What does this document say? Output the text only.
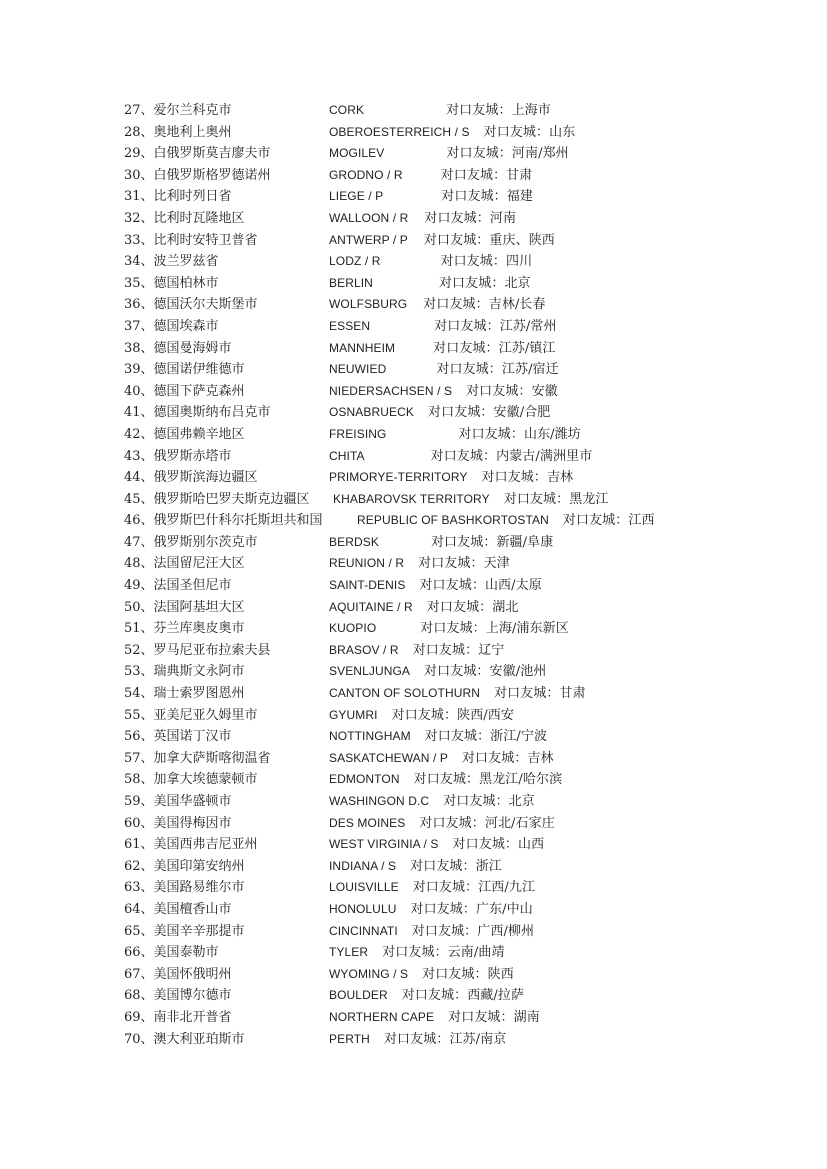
27、爱尔兰科克市	CORK	对口友城：上海市
28、奥地利上奥州	OBEROESTERREICH / S 对口友城：山东
29、白俄罗斯莫吉廖夫市	MOGILEV	对口友城：河南/郑州
30、白俄罗斯格罗德诺州	GRODNO / R	对口友城：甘肃
31、比利时列日省	LIEGE / P	对口友城：福建
32、比利时瓦隆地区	WALLOON / R 对口友城：河南
33、比利时安特卫普省	ANTWERP / P 对口友城：重庆、陕西
34、波兰罗兹省	LODZ / R	对口友城：四川
35、德国柏林市	BERLIN	对口友城：北京
36、德国沃尔夫斯堡市	WOLFSBURG 对口友城：吉林/长春
37、德国埃森市	ESSEN	对口友城：江苏/常州
38、德国曼海姆市	MANNHEIM	对口友城：江苏/镇江
39、德国诺伊维德市	NEUWIED	对口友城：江苏/宿迁
40、德国下萨克森州	NIEDERSACHSEN / S 对口友城：安徽
41、德国奥斯纳布吕克市	OSNABRUECK 对口友城：安徽/合肥
42、德国弗赖辛地区	FREISING	对口友城：山东/潍坊
43、俄罗斯赤塔市	CHITA	对口友城：内蒙古/满洲里市
44、俄罗斯滨海边疆区	PRIMORYE-TERRITORY 对口友城：吉林
45、俄罗斯哈巴罗夫斯克边疆区 KHABAROVSK TERRITORY 对口友城：黑龙江
46、俄罗斯巴什科尔托斯坦共和国	REPUBLIC OF BASHKORTOSTAN 对口友城：江西
47、俄罗斯别尔茨克市	BERDSK	对口友城：新疆/阜康
48、法国留尼汪大区	REUNION / R 对口友城：天津
49、法国圣但尼市	SAINT-DENIS 对口友城：山西/太原
50、法国阿基坦大区	AQUITAINE / R 对口友城：湖北
51、芬兰库奥皮奥市	KUOPIO	对口友城：上海/浦东新区
52、罗马尼亚布拉索夫县	BRASOV / R 对口友城：辽宁
53、瑞典斯文永阿市	SVENLJUNGA 对口友城：安徽/池州
54、瑞士索罗图恩州	CANTON OF SOLOTHURN 对口友城：甘肃
55、亚美尼亚久姆里市	GYUMRI 对口友城：陕西/西安
56、英国诺丁汉市	NOTTINGHAM 对口友城：浙江/宁波
57、加拿大萨斯喀彻温省	SASKATCHEWAN / P 对口友城：吉林
58、加拿大埃德蒙顿市	EDMONTON 对口友城：黑龙江/哈尔滨
59、美国华盛顿市	WASHINGON D.C 对口友城：北京
60、美国得梅因市	DES MOINES 对口友城：河北/石家庄
61、美国西弗吉尼亚州	WEST VIRGINIA / S 对口友城：山西
62、美国印第安纳州	INDIANA / S 对口友城：浙江
63、美国路易维尔市	LOUISVILLE 对口友城：江西/九江
64、美国檀香山市	HONOLULU 对口友城：广东/中山
65、美国辛辛那提市	CINCINNATI 对口友城：广西/柳州
66、美国泰勒市	TYLER 对口友城：云南/曲靖
67、美国怀俄明州	WYOMING / S 对口友城：陕西
68、美国博尔德市	BOULDER 对口友城：西藏/拉萨
69、南非北开普省	NORTHERN CAPE 对口友城：湖南
70、澳大利亚珀斯市	PERTH 对口友城：江苏/南京
